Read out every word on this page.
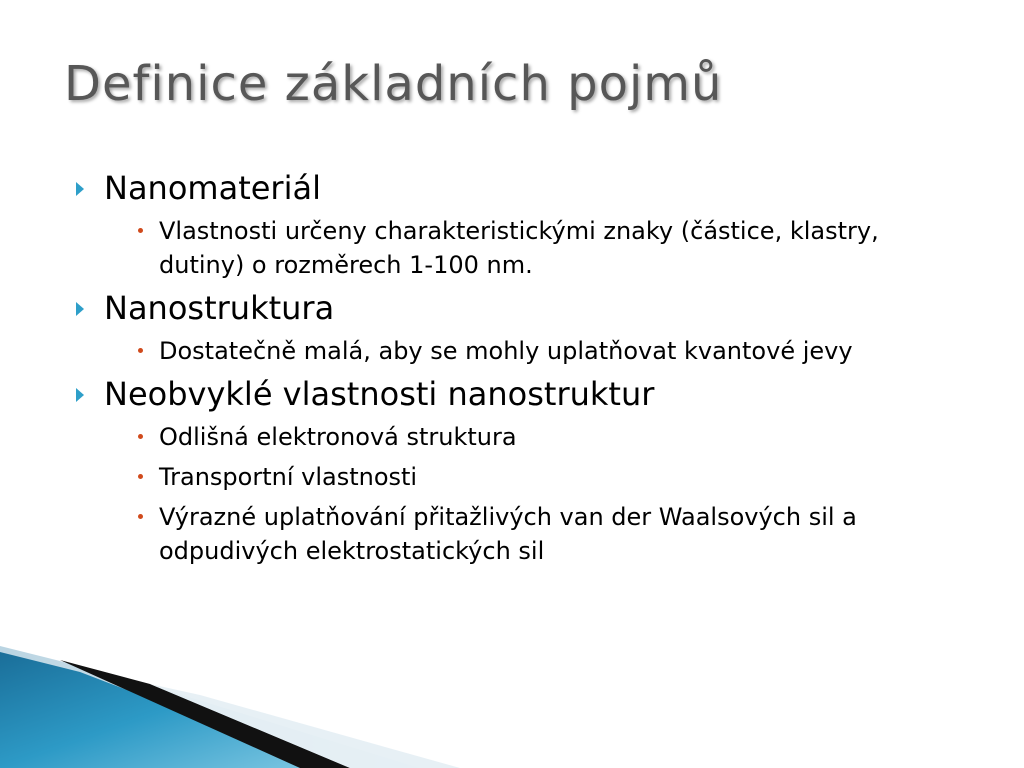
Definice základních pojmů
Nanomateriál
Vlastnosti určeny charakteristickými znaky (částice, klastry, dutiny) o rozměrech 1-100 nm.
Nanostruktura
Dostatečně malá, aby se mohly uplatňovat kvantové jevy
Neobvyklé vlastnosti nanostruktur
Odlišná elektronová struktura
Transportní vlastnosti
Výrazné uplatňování přitažlivých van der Waalsových sil a odpudivých elektrostatických sil
